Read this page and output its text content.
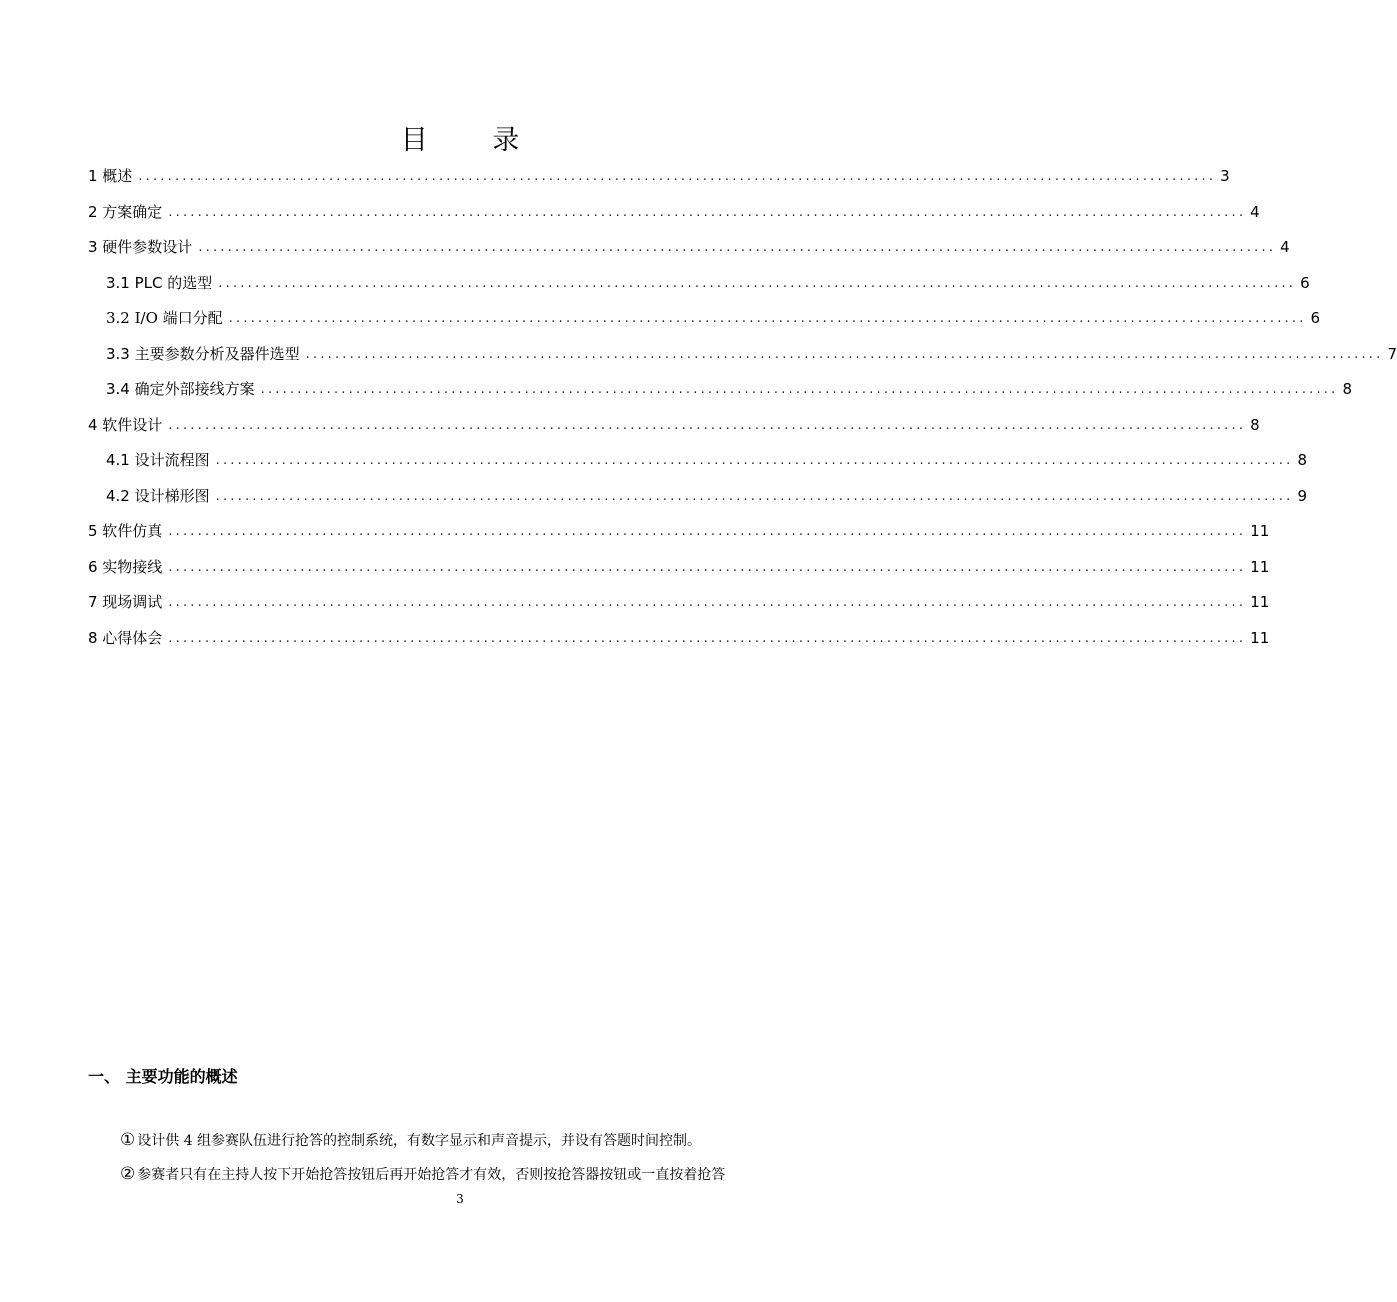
目 录
1 概述 ................................................................................................................................................... 3
2 方案确定 ................................................................................................................................................... 4
3 硬件参数设计 ................................................................................................................................................... 4
3.1 PLC 的选型 ................................................................................................................................................... 6
3.2 I/O 端口分配 ................................................................................................................................................... 6
3.3 主要参数分析及器件选型 ................................................................................................................................................... 7
3.4 确定外部接线方案 ................................................................................................................................................... 8
4 软件设计 ................................................................................................................................................... 8
4.1 设计流程图 ................................................................................................................................................... 8
4.2 设计梯形图 ................................................................................................................................................... 9
5 软件仿真 ................................................................................................................................................... 11
6 实物接线 ................................................................................................................................................... 11
7 现场调试 ................................................................................................................................................... 11
8 心得体会 ................................................................................................................................................... 11
一、 主要功能的概述
① 设计供 4 组参赛队伍进行抢答的控制系统，有数字显示和声音提示，并设有答题时间控制。
② 参赛者只有在主持人按下开始抢答按钮后再开始抢答才有效，否则按抢答器按钮或一直按着抢答
3
